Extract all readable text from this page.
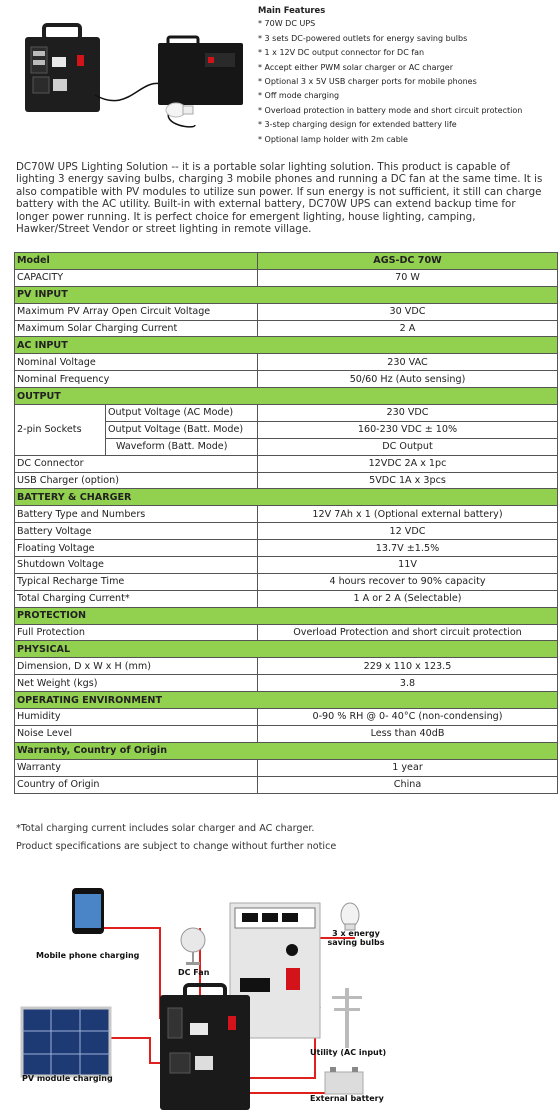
Main Features
* 70W DC UPS
* 3 sets DC-powered outlets for energy saving bulbs
* 1 x 12V DC output connector for DC fan
* Accept either PWM solar charger or AC charger
* Optional 3 x 5V USB charger ports for mobile phones
* Off mode charging
* Overload protection in battery mode and short circuit protection
* 3-step charging design for extended battery life
* Optional lamp holder with 2m cable
DC70W UPS Lighting Solution -- it is a portable solar lighting solution. This product is capable of lighting 3 energy saving bulbs, charging 3 mobile phones and running a DC fan at the same time. It is also compatible with PV modules to utilize sun power. If sun energy is not sufficient, it still can charge battery with the AC utility. Built-in with external battery, DC70W UPS can extend backup time for longer power running. It is perfect choice for emergent lighting, house lighting, camping, Hawker/Street Vendor or street lighting in remote village.
Model		AGS-DC 70W
CAPACITY		70 W
PV INPUT		
Maximum PV Array Open Circuit Voltage		30 VDC
Maximum Solar Charging Current		2 A
AC INPUT		
Nominal Voltage		230 VAC
Nominal Frequency		50/60 Hz (Auto sensing)
OUTPUT		
2-pin Sockets	Output Voltage (AC Mode)	230 VDC
	Output Voltage (Batt. Mode)	160-230 VDC ± 10%
	Waveform (Batt. Mode)	DC Output
DC Connector		12VDC 2A x 1pc
USB Charger (option)		5VDC 1A x 3pcs
BATTERY & CHARGER		
Battery Type and Numbers		12V 7Ah x 1 (Optional external battery)
Battery Voltage		12 VDC
Floating Voltage		13.7V ±1.5%
Shutdown Voltage		11V
Typical Recharge Time		4 hours recover to 90% capacity
Total Charging Current*		1 A or 2 A (Selectable)
PROTECTION		
Full Protection		Overload Protection and short circuit protection
PHYSICAL		
Dimension, D x W x H (mm)		229 x 110 x 123.5
Net Weight (kgs)		3.8
OPERATING ENVIRONMENT		
Humidity		0-90 % RH @ 0- 40°C (non-condensing)
Noise Level		Less than 40dB
Warranty, Country of Origin		
Warranty		1 year
Country of Origin		China
*Total charging current includes solar charger and AC charger.
Product specifications are subject to change without further notice
Mobile phone charging
PV module charging
DC Fan
3 x energy saving bulbs
Utility (AC input)
External battery
